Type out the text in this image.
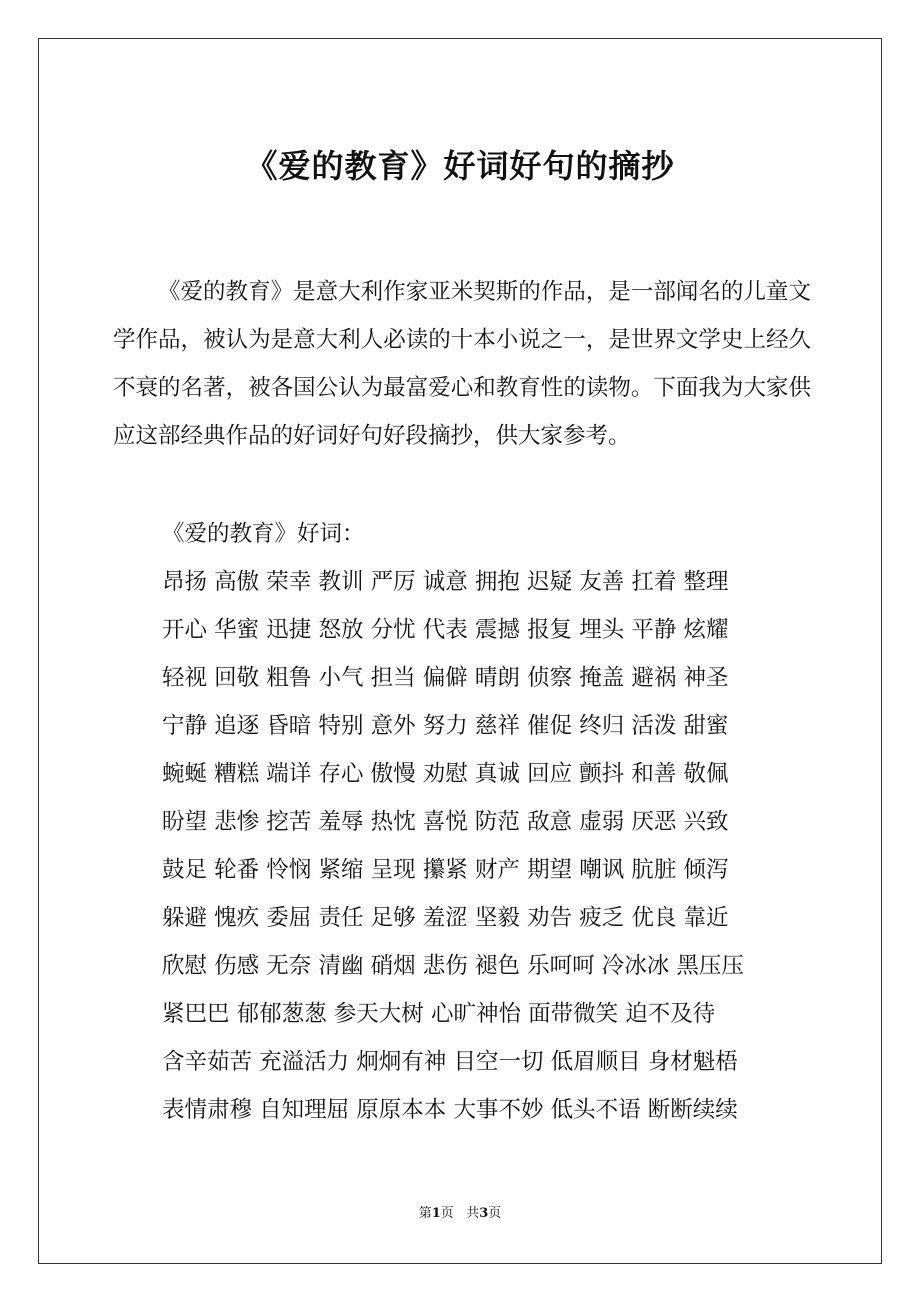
《爱的教育》好词好句的摘抄

《爱的教育》是意大利作家亚米契斯的作品，是一部闻名的儿童文学作品，被认为是意大利人必读的十本小说之一，是世界文学史上经久不衰的名著，被各国公认为最富爱心和教育性的读物。下面我为大家供应这部经典作品的好词好句好段摘抄，供大家参考。

《爱的教育》好词：
昂扬 高傲 荣幸 教训 严厉 诚意 拥抱 迟疑 友善 扛着 整理
开心 华蜜 迅捷 怒放 分忧 代表 震撼 报复 埋头 平静 炫耀
轻视 回敬 粗鲁 小气 担当 偏僻 晴朗 侦察 掩盖 避祸 神圣
宁静 追逐 昏暗 特别 意外 努力 慈祥 催促 终归 活泼 甜蜜
蜿蜒 糟糕 端详 存心 傲慢 劝慰 真诚 回应 颤抖 和善 敬佩
盼望 悲惨 挖苦 羞辱 热忱 喜悦 防范 敌意 虚弱 厌恶 兴致
鼓足 轮番 怜悯 紧缩 呈现 攥紧 财产 期望 嘲讽 肮脏 倾泻
躲避 愧疚 委屈 责任 足够 羞涩 坚毅 劝告 疲乏 优良 靠近
欣慰 伤感 无奈 清幽 硝烟 悲伤 褪色 乐呵呵 冷冰冰 黑压压
紧巴巴 郁郁葱葱 参天大树 心旷神怡 面带微笑 迫不及待
含辛茹苦 充溢活力 炯炯有神 目空一切 低眉顺目 身材魁梧
表情肃穆 自知理屈 原原本本 大事不妙 低头不语 断断续续
第1页 共3页
